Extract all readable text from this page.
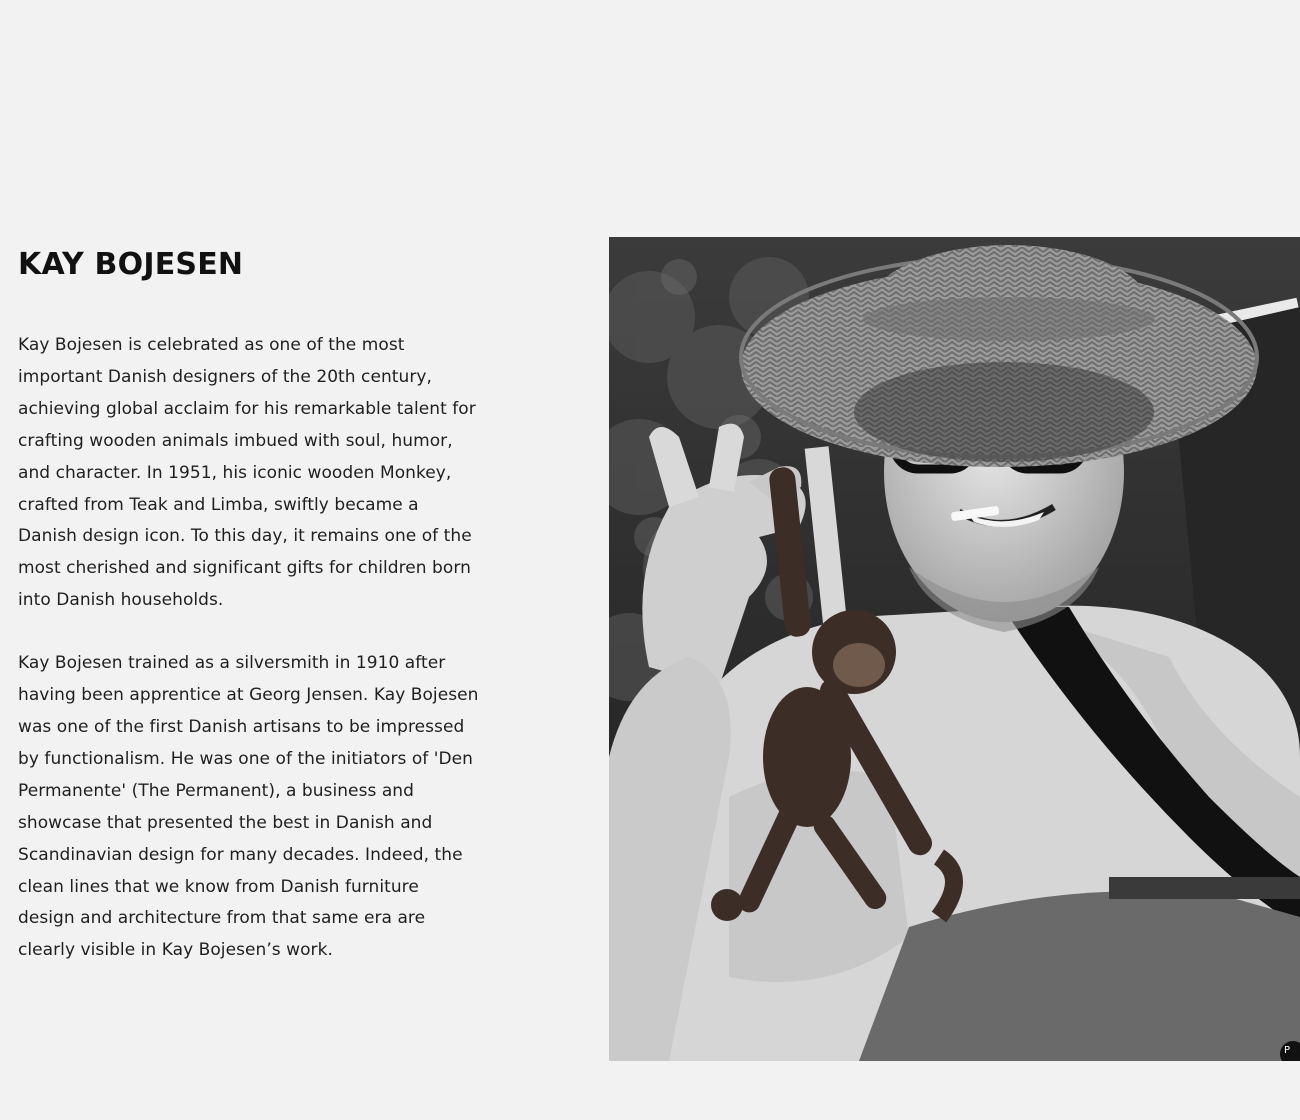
KAY BOJESEN

Kay Bojesen is celebrated as one of the most important Danish designers of the 20th century, achieving global acclaim for his remarkable talent for crafting wooden animals imbued with soul, humor, and character. In 1951, his iconic wooden Monkey, crafted from Teak and Limba, swiftly became a Danish design icon. To this day, it remains one of the most cherished and significant gifts for children born into Danish households.

Kay Bojesen trained as a silversmith in 1910 after having been apprentice at Georg Jensen. Kay Bojesen was one of the first Danish artisans to be impressed by functionalism. He was one of the initiators of 'Den Permanente' (The Permanent), a business and showcase that presented the best in Danish and Scandinavian design for many decades. Indeed, the clean lines that we know from Danish furniture design and architecture from that same era are clearly visible in Kay Bojesen’s work.

P
